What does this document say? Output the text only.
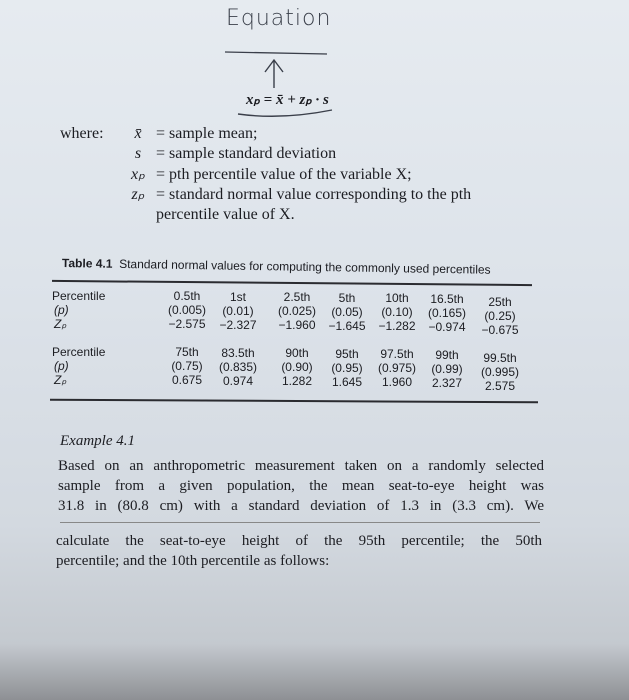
Equation
xₚ = x̄ + zₚ · s
where:	x̄ = sample mean;
s = sample standard deviation
xₚ = pth percentile value of the variable X;
zₚ = standard normal value corresponding to the pth
percentile value of X.
Table 4.1 Standard normal values for computing the commonly used percentiles
Percentile	0.5th	1st	2.5th	5th	10th	16.5th	25th
(p)	(0.005)	(0.01)	(0.025)	(0.05)	(0.10)	(0.165)	(0.25)
Zₚ	−2.575	−2.327	−1.960	−1.645	−1.282	−0.974	−0.675
Percentile	75th	83.5th	90th	95th	97.5th	99th	99.5th
(p)	(0.75)	(0.835)	(0.90)	(0.95)	(0.975)	(0.99)	(0.995)
Zₚ	0.675	0.974	1.282	1.645	1.960	2.327	2.575
Example 4.1
Based on an anthropometric measurement taken on a randomly selected
sample from a given population, the mean seat-to-eye height was
31.8 in (80.8 cm) with a standard deviation of 1.3 in (3.3 cm). We
calculate the seat-to-eye height of the 95th percentile; the 50th
percentile; and the 10th percentile as follows:
